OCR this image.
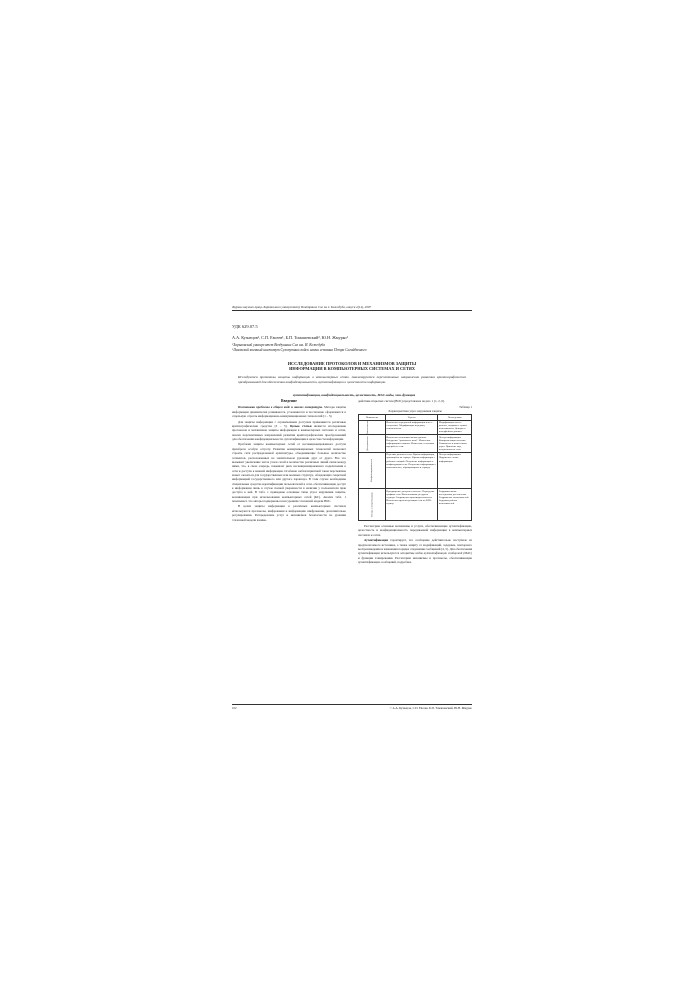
Журнал научних праць Харківського університету Повітряних Сил ім. І. Кожедуба, випуск 2(14), 2007
УДК 629.07.5
А.А. Кузнецов¹, С.П. Евсеев¹, Б.П. Томашевский², Ю.Н. Жмурко¹
¹Харьковский университет Воздушных Сил им. И. Кожедуба
²Львовский военный институт Сухопутных войск имени гетмана Петра Сагайдачного
ИССЛЕДОВАНИЕ ПРОТОКОЛОВ И МЕХАНИЗМОВ ЗАЩИТЫ
ИНФОРМАЦИИ В КОМПЬЮТЕРНЫХ СИСТЕМАХ И СЕТЯХ
Исследуются протоколы защиты информации в компьютерных сетях. Анализируются перспективные направления развития криптографических преобразований для обеспечения конфиденциальности, аутентификации и целостности информации.
аутентификация, конфиденциальность, целостность, MAC-коды, хэш-функция
Введение

Постановка проблемы в общем виде и анализ литературы. Методы защиты информации динамически развиваются, усложняются и постепенно оформляются в отдельную отрасль информационно-коммуникационных технологий [1 – 5].

Для защиты информации с ограниченным доступом применяются различные криптографические средства [3 – 5]. Целью статьи является исследование протоколов и механизмов защиты информации в компьютерных системах и сетях, анализ перспективных направлений развития криптографических преобразований для обеспечения конфиденциальности, аутентификации и целостности информации.

Проблема защиты компьютерных сетей от несанкционированного доступа приобрела особую остроту. Развитие коммуникационных технологий позволяет строить сети распределенной архитектуры, объединяющие большое количество сегментов, расположенных на значительном удалении друг от друга. Все это вызывает увеличение числа узлов сетей и количества различных линий связи между ними, что, в свою очередь, повышает риск несанкционированного подключения к сети и доступа к важной информации. Особенно неблагоприятной такая перспектива может оказаться для государственных или военных структур, обладающих секретной информацией государственного или другого характера. В этом случае необходимы специальные средства идентификации пользователей в сети, обеспечивающие доступ к информации лишь в случае полной уверенности в наличии у пользователя прав доступа к ней. В табл. 1 приведены основные типы угроз нарушения защиты, возникающие при использовании компьютерных сетей (КС). Анализ табл. 1 показывает, что авторы подвержены всем уровням эталонной модели ВОС.

В целях защиты информации в различных компьютерных системах используются протоколы, шифрования и информацию шифрования, дополнительно регулирования. Распределение услуг и механизмов безопасности по уровням эталонной модели взаимо-

действия открытых систем (ВОС) представлена на рис. 1 [1, 2, 6].

Таблица 1
Характеристика угроз нарушения защиты
Показатели	Угрозы	Последствия
Целостность	Изменение переданной информации или ее отсутствие. Модификация передачи, неизменность.	Модификация своего данных, отправка с тупым пользованием. Доверие к интерфейсам данных.
Доступность	Изменение пользовательских данных. Внедрение "троянского коня". Изменение информации в памяти. Изменение состояния при работе сети.	Потеря информации. Компрометация системы. Уязвимость к изменениям угроз. Принятие мер, полученных по сети.
Конфиденциальность	Перехват данных в сети. Кража информации, хранящейся на сервере. Кража информации с рабочих станций. Получение информации о конфигурации сети. Получение информации о пользователях, обращающихся к серверу.	Потеря информации. Нарушение схемы информации.
Отказ в обслуживании	Прекращение доступа к системе. Перегрузка трафика сети. Использование ресурсов сервера. Сокращение производительности. Изменение времени реакции сети на DNS-сервер.	Разрушительные последствия для системы. Раздражение пользователей. Задержка работы пользователей.

Рассмотрим основные механизмы и услуги, обеспечивающие аутентификацию, целостность и конфиденциальность передаваемой информации в компьютерных системах и сетях.

Аутентификация гарантирует, что сообщение действительно поступило из предполагаемого источника, а также защиту от модификаций, задержек, повторного воспроизведения и изменения порядка следования сообщений [4, 5]. Для обеспечения аутентификации используются алгоритмы кодов аутентификации сообщений (MAC) и функции хэширования. Рассмотрим механизмы и протоколы, обеспечивающие аутентификацию сообщений, подробнее.

102	© А.А. Кузнецов, С.П. Евсеев, Б.П. Томашевский, Ю.Н. Жмурко
